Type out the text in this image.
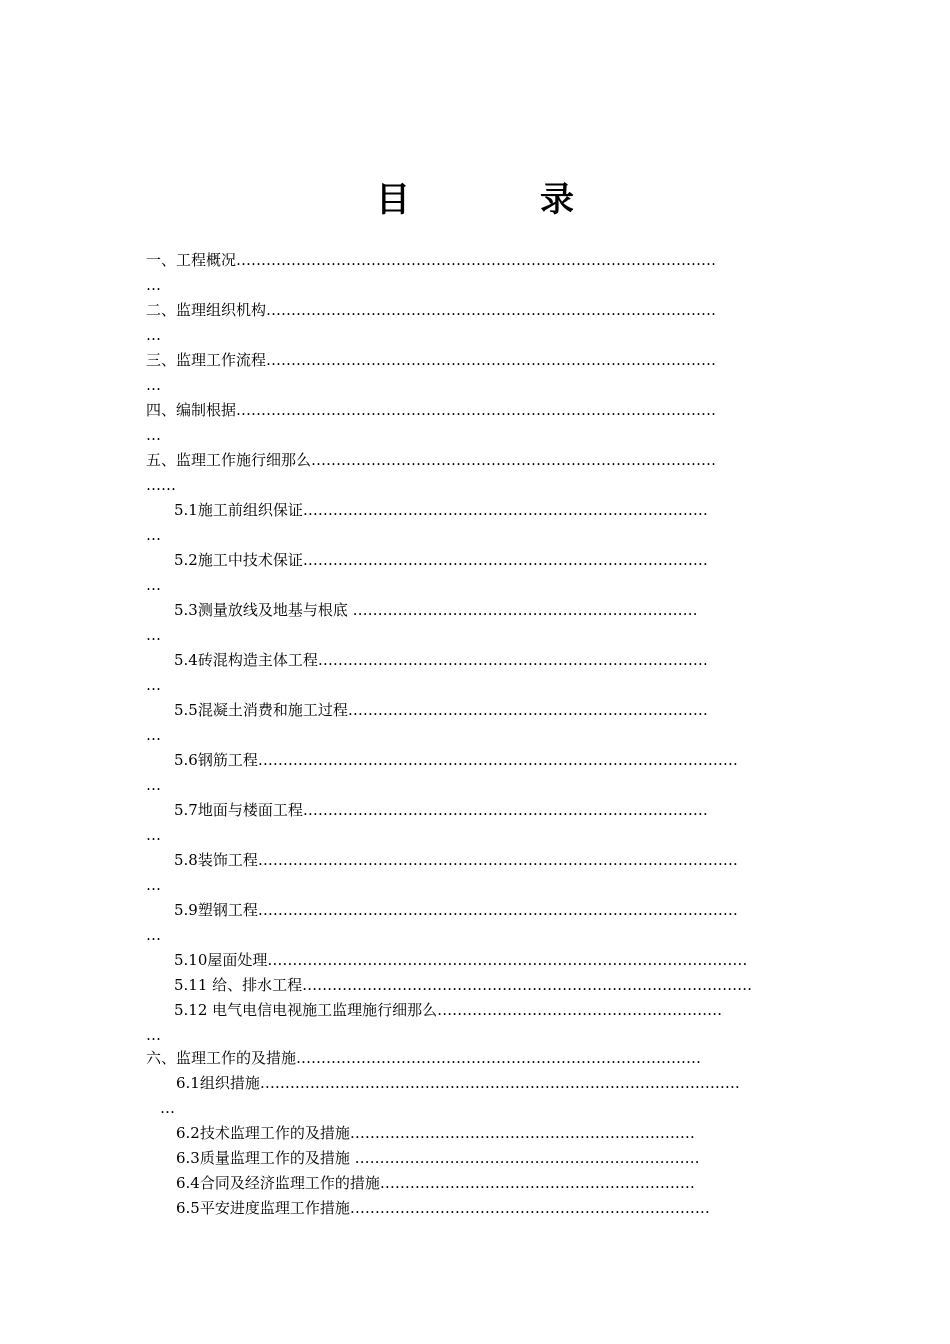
目　录
一、工程概况……………………………………………………………………………………
…
二、监理组织机构………………………………………………………………………………
…
三、监理工作流程………………………………………………………………………………
…
四、编制根据……………………………………………………………………………………
…
五、监理工作施行细那么………………………………………………………………………
……
5.1施工前组织保证………………………………………………………………………
…
5.2施工中技术保证………………………………………………………………………
…
5.3测量放线及地基与根底 ……………………………………………………………
…
5.4砖混构造主体工程……………………………………………………………………
…
5.5混凝土消费和施工过程………………………………………………………………
…
5.6钢筋工程……………………………………………………………………………………
…
5.7地面与楼面工程………………………………………………………………………
…
5.8装饰工程……………………………………………………………………………………
…
5.9塑钢工程……………………………………………………………………………………
…
5.10屋面处理……………………………………………………………………………………
5.11 给、排水工程………………………………………………………………………………
5.12 电气电信电视施工监理施行细那么…………………………………………………
…
六、监理工作的及措施………………………………………………………………………
6.1组织措施……………………………………………………………………………………
…
6.2技术监理工作的及措施……………………………………………………………
6.3质量监理工作的及措施 ……………………………………………………………
6.4合同及经济监理工作的措施………………………………………………………
6.5平安进度监理工作措施………………………………………………………………
